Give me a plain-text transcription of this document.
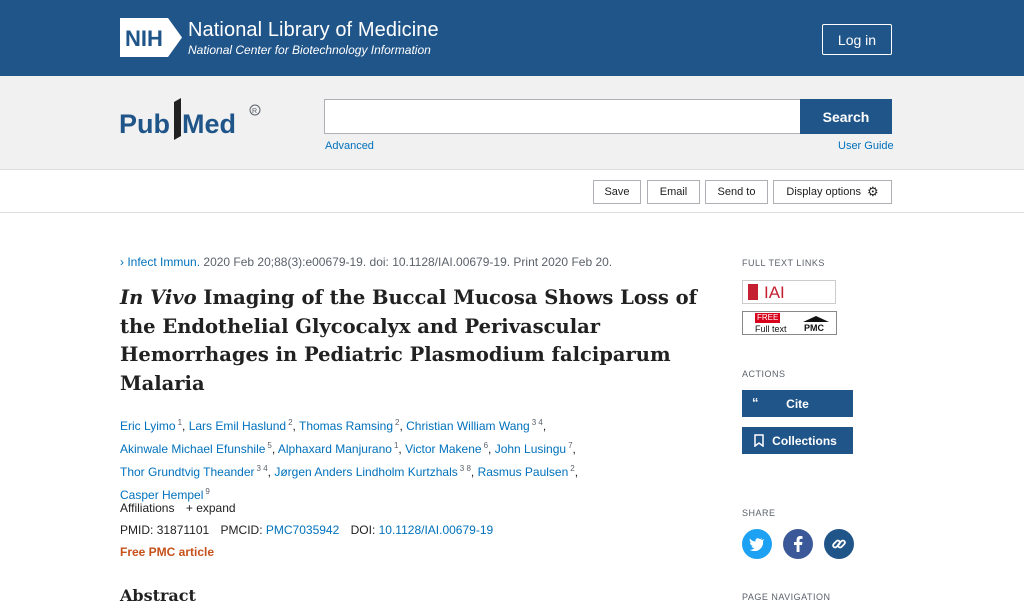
NIH National Library of Medicine
National Center for Biotechnology Information
Log in
Pub Med R	Search
Advanced	User Guide
Save	Email	Send to	Display options ⚙
› Infect Immun. 2020 Feb 20;88(3):e00679-19. doi: 10.1128/IAI.00679-19. Print 2020 Feb 20.
In Vivo Imaging of the Buccal Mucosa Shows Loss of the Endothelial Glycocalyx and Perivascular Hemorrhages in Pediatric Plasmodium falciparum Malaria
Eric Lyimo $^1$, Lars Emil Haslund $^2$, Thomas Ramsing $^2$, Christian William Wang $^{3 4}$,
Akinwale Michael Efunshile $^5$, Alphaxard Manjurano $^1$, Victor Makene $^6$, John Lusingu $^7$,
Thor Grundtvig Theander $^{3 4}$, Jørgen Anders Lindholm Kurtzhals $^{3 8}$, Rasmus Paulsen $^2$,
Casper Hempel $^9$
Affiliations + expand
PMID: 31871101 PMCID: PMC7035942 DOI: 10.1128/IAI.00679-19
Free PMC article
Abstract
FULL TEXT LINKS
IAI
FREE
Full text PMC
ACTIONS
“ Cite
Collections
SHARE
PAGE NAVIGATION
